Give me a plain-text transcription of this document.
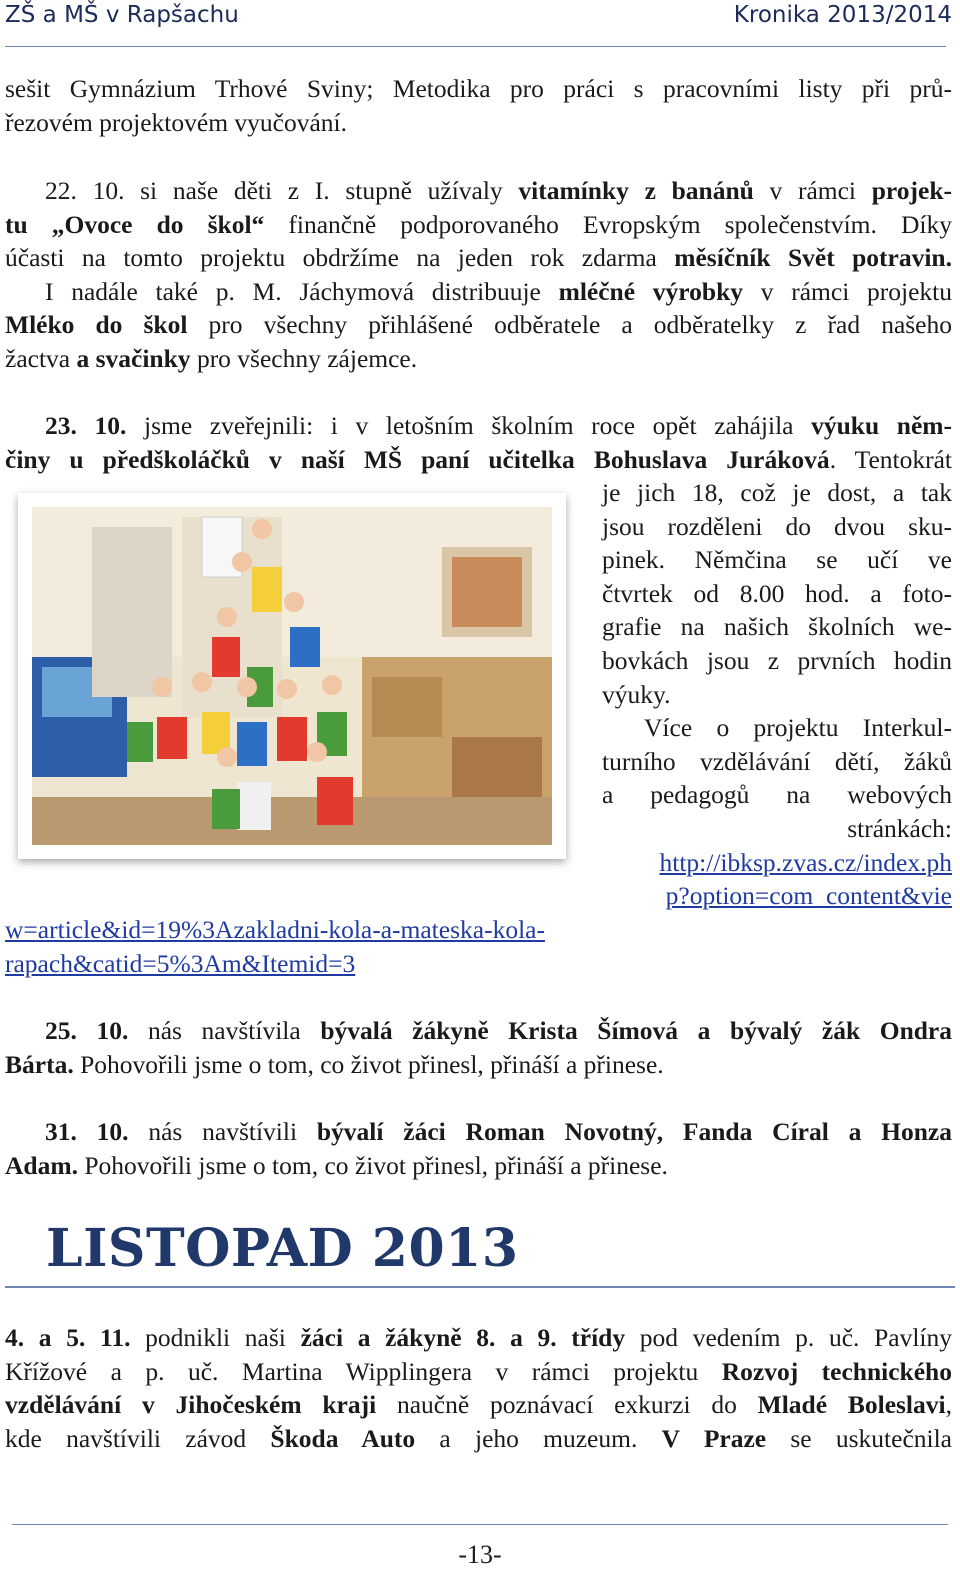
ZŠ a MŠ v Rapšachu	Kronika 2013/2014

sešit Gymnázium Trhové Sviny; Metodika pro práci s pracovními listy při prů-

řezovém projektovém vyučování.

22. 10. si naše děti z I. stupně užívaly vitamínky z banánů v rámci projek-

tu „Ovoce do škol“ finančně podporovaného Evropským společenstvím. Díky

účasti na tomto projektu obdržíme na jeden rok zdarma měsíčník Svět potravin.

I nadále také p. M. Jáchymová distribuuje mléčné výrobky v rámci projektu

Mléko do škol pro všechny přihlášené odběratele a odběratelky z řad našeho

žactva a svačinky pro všechny zájemce.

23. 10. jsme zveřejnili: i v letošním školním roce opět zahájila výuku něm-

činy u předškoláčků v naší MŠ paní učitelka Bohuslava Juráková. Tentokrát

je jich 18, což je dost, a tak

jsou rozděleni do dvou sku-

pinek. Němčina se učí ve

čtvrtek od 8.00 hod. a foto-

grafie na našich školních we-

bovkách jsou z prvních hodin

výuky.

Více o projektu Interkul-

turního vzdělávání dětí, žáků

a pedagogů na webových

stránkách:

http://ibksp.zvas.cz/index.ph

p?option=com_content&vie

w=article&id=19%3Azakladni-kola-a-mateska-kola-

rapach&catid=5%3Am&Itemid=3

25. 10. nás navštívila bývalá žákyně Krista Šímová a bývalý žák Ondra

Bárta. Pohovořili jsme o tom, co život přinesl, přináší a přinese.

31. 10. nás navštívili bývalí žáci Roman Novotný, Fanda Círal a Honza

Adam. Pohovořili jsme o tom, co život přinesl, přináší a přinese.

LISTOPAD 2013

4. a 5. 11. podnikli naši žáci a žákyně 8. a 9. třídy pod vedením p. uč. Pavlíny

Křížové a p. uč. Martina Wipplingera v rámci projektu Rozvoj technického

vzdělávání v Jihočeském kraji naučně poznávací exkurzi do Mladé Boleslavi,

kde navštívili závod Škoda Auto a jeho muzeum. V Praze se uskutečnila

-13-
